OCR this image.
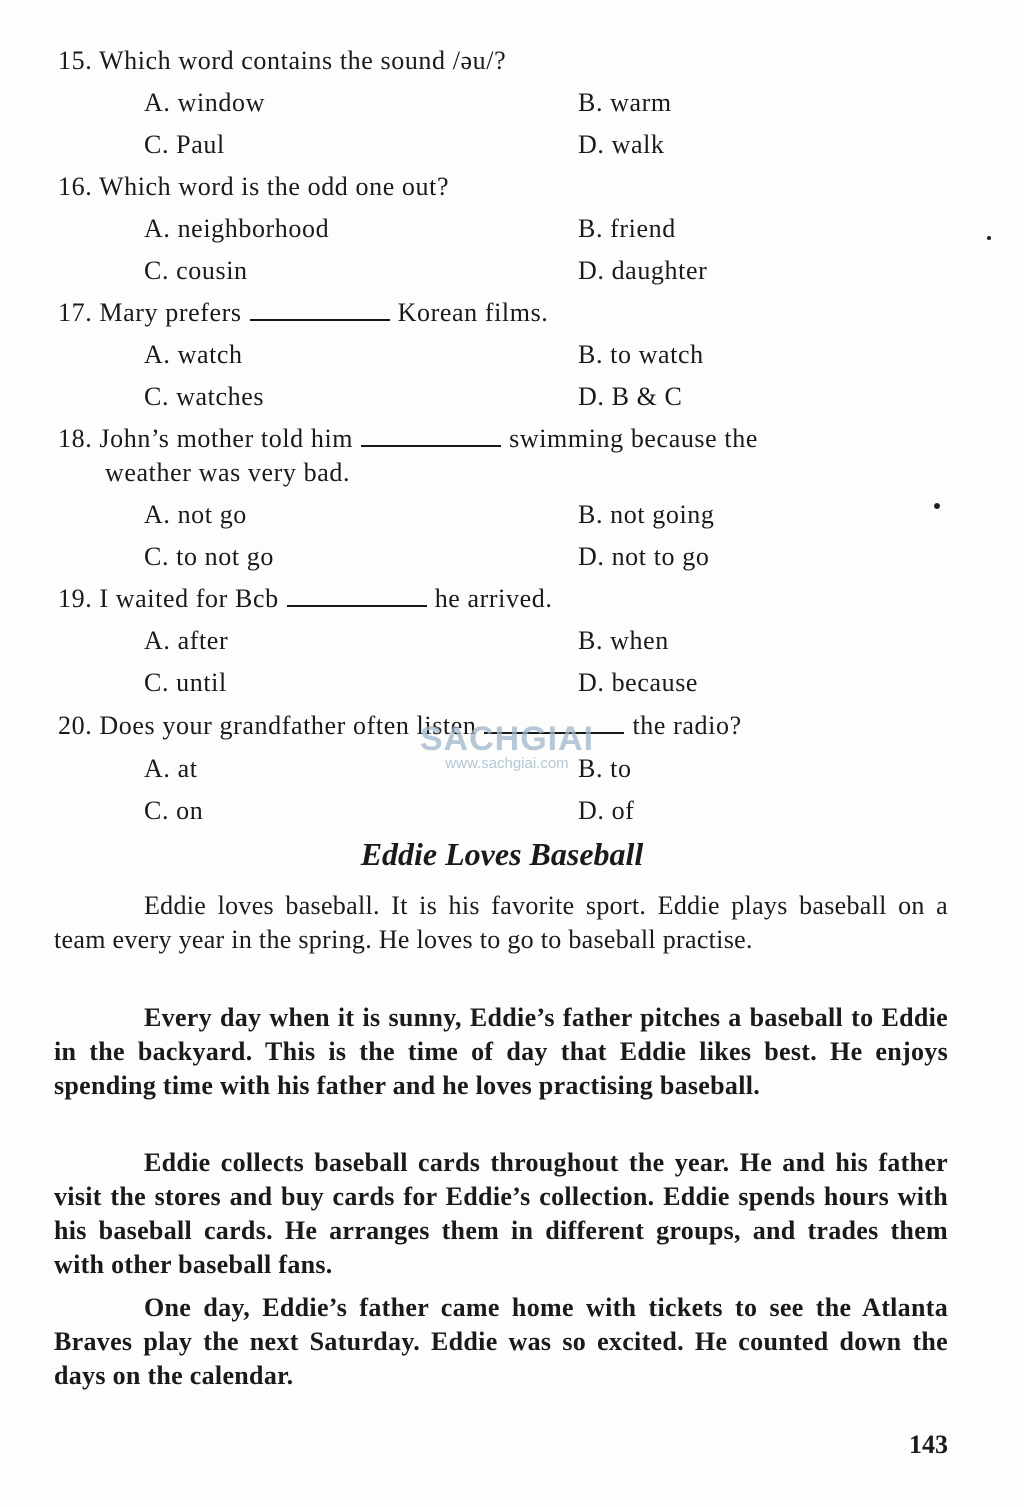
15. Which word contains the sound /əu/?
A. window	B. warm
C. Paul	D. walk
16. Which word is the odd one out?
A. neighborhood	B. friend
C. cousin	D. daughter
17. Mary prefers	Korean films.
A. watch	B. to watch
C. watches	D. B & C
18. John’s mother told him	swimming because the
weather was very bad.
A. not go	B. not going
C. to not go	D. not to go
19. I waited for Bcb	he arrived.
A. after	B. when
C. until	D. because
20. Does your grandfather often listen	the radio?
A. at	B. to
C. on	D. of
SACHGIAI
www.sachgiai.com
Eddie Loves Baseball
Eddie loves baseball. It is his favorite sport. Eddie plays baseball on a team every year in the spring. He loves to go to baseball practise.
Every day when it is sunny, Eddie’s father pitches a baseball to Eddie in the backyard. This is the time of day that Eddie likes best. He enjoys spending time with his father and he loves practising baseball.
Eddie collects baseball cards throughout the year. He and his father visit the stores and buy cards for Eddie’s collection. Eddie spends hours with his baseball cards. He arranges them in different groups, and trades them with other baseball fans.
One day, Eddie’s father came home with tickets to see the Atlanta Braves play the next Saturday. Eddie was so excited. He counted down the days on the calendar.
143
